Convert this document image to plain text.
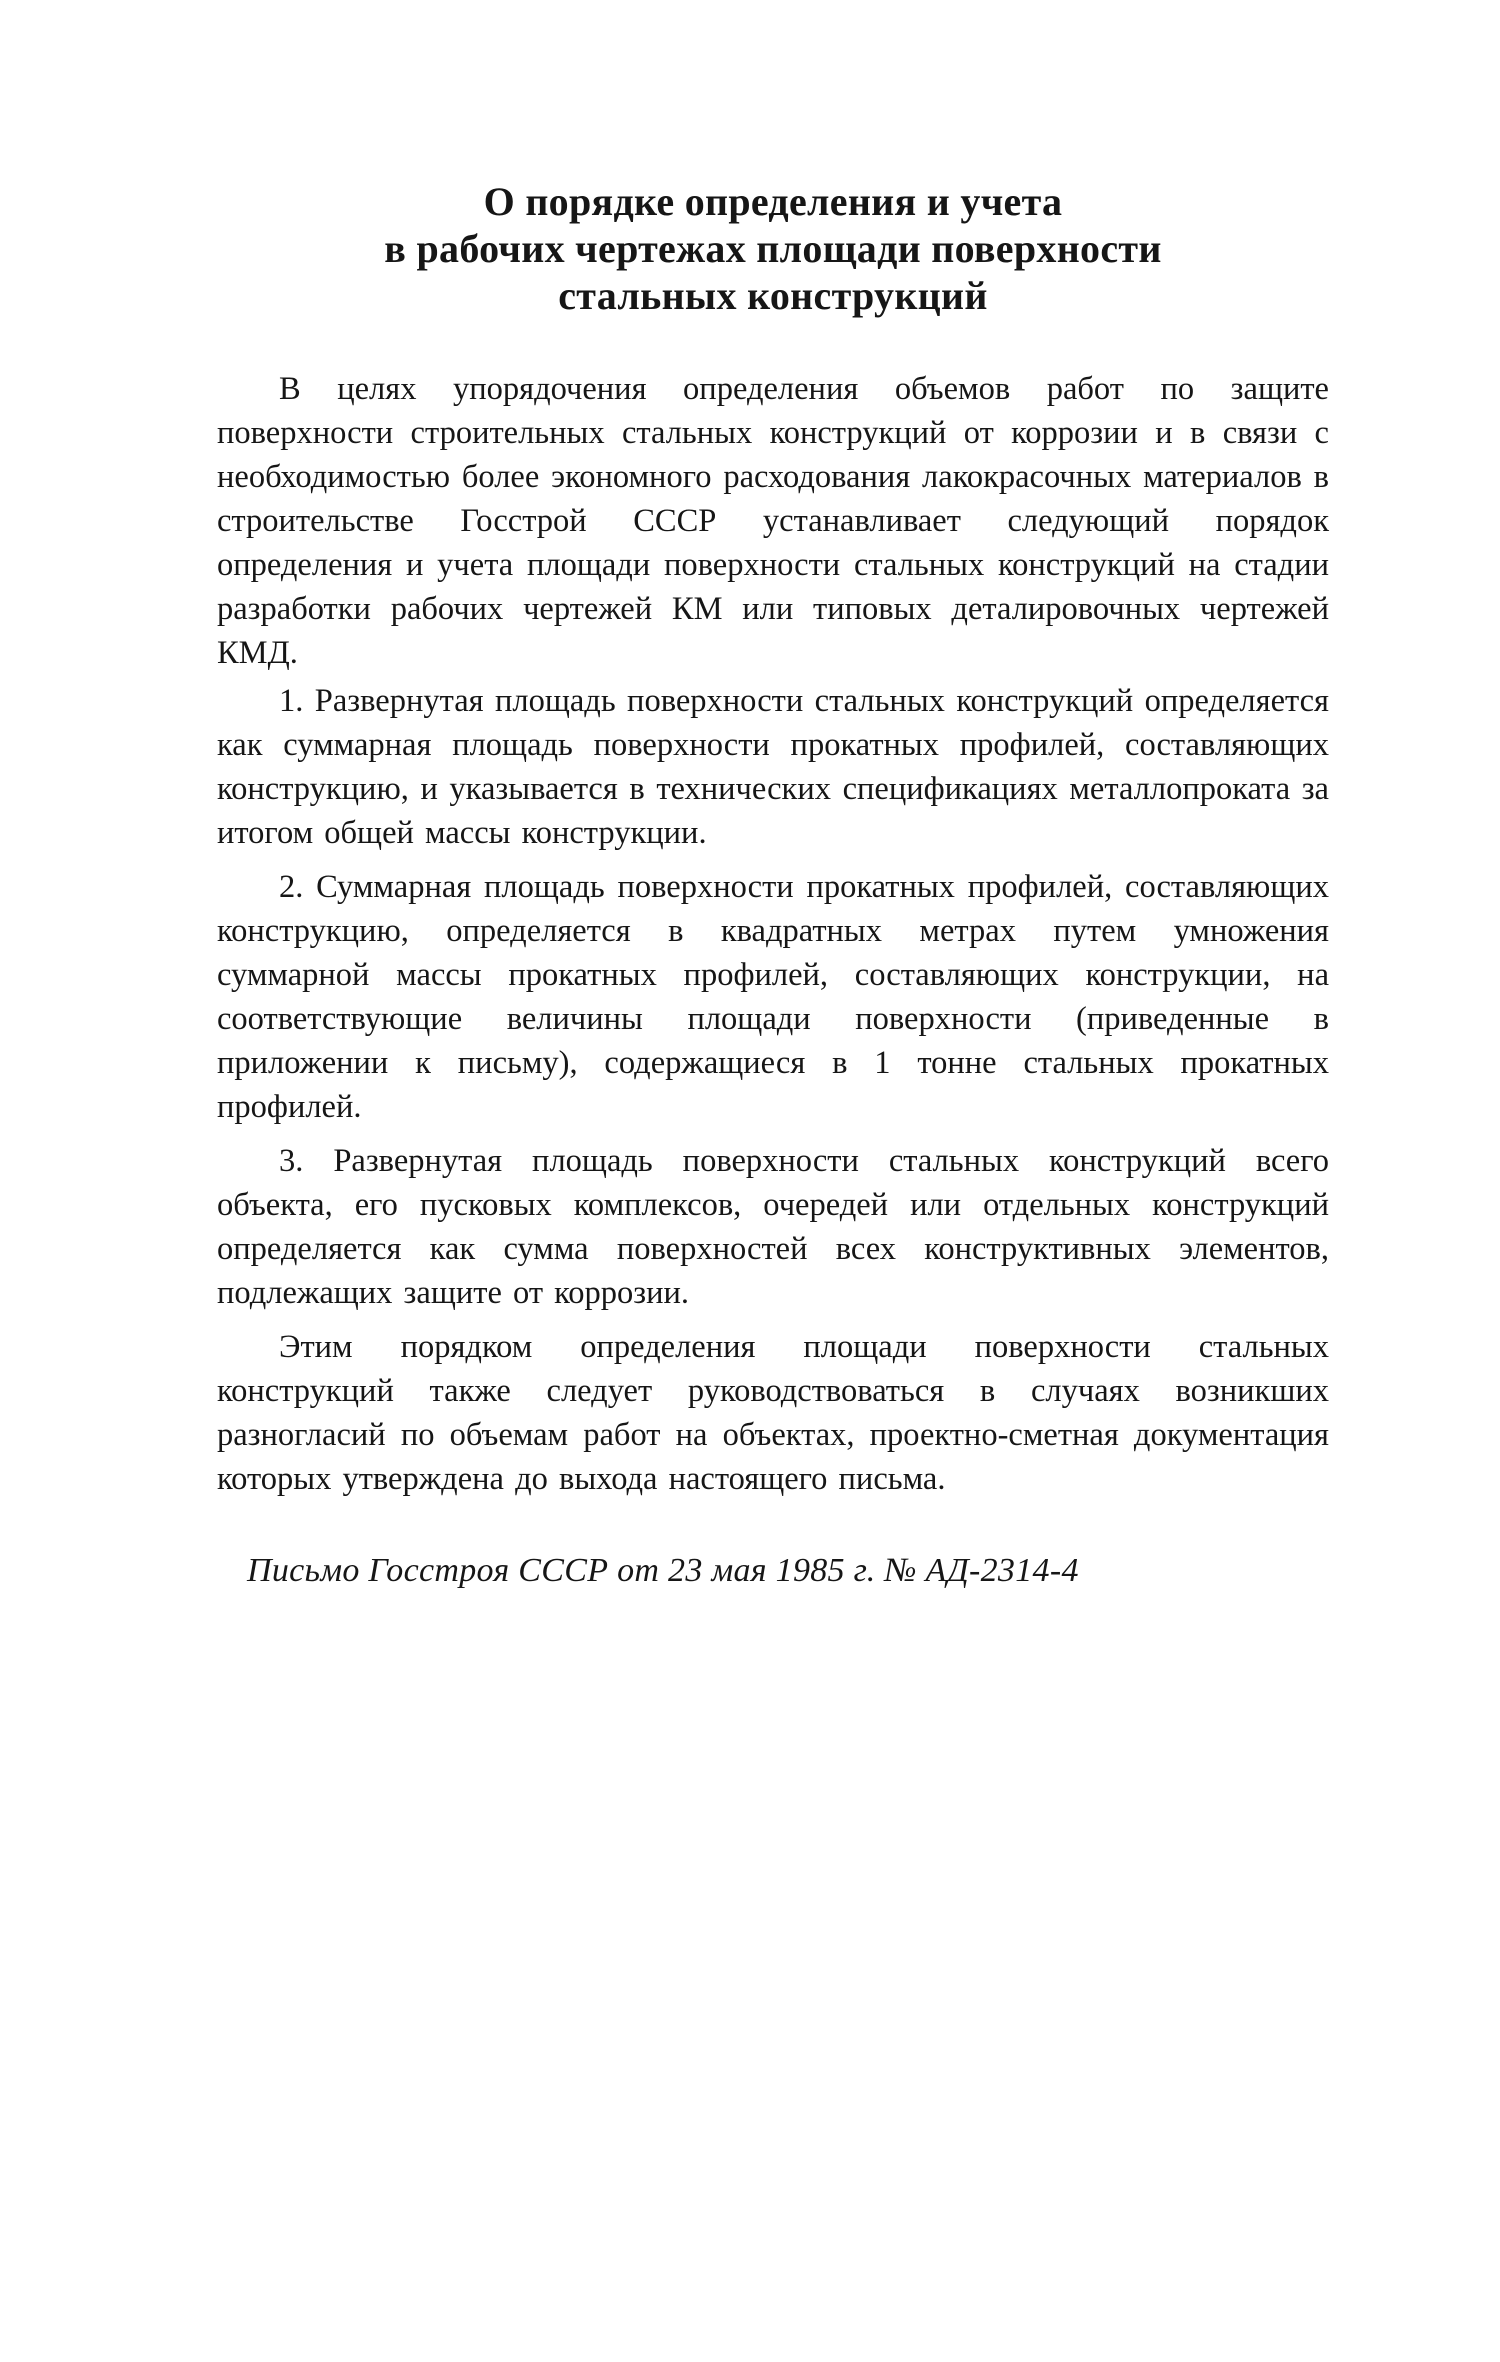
О порядке определения и учета
в рабочих чертежах площади поверхности
стальных конструкций

В целях упорядочения определения объемов работ по защите поверхности строительных стальных конструкций от коррозии и в связи с необходимостью более экономного расходования лакокрасочных материалов в строительстве Госстрой СССР устанавливает следующий порядок определения и учета площади поверхности стальных конструкций на стадии разработки рабочих чертежей КМ или типовых деталировочных чертежей КМД.

1. Развернутая площадь поверхности стальных конструкций определяется как суммарная площадь поверхности прокатных профилей, составляющих конструкцию, и указывается в технических спецификациях металлопроката за итогом общей массы конструкции.

2. Суммарная площадь поверхности прокатных профилей, составляющих конструкцию, определяется в квадратных метрах путем умножения суммарной массы прокатных профилей, составляющих конструкции, на соответствующие величины площади поверхности (приведенные в приложении к письму), содержащиеся в 1 тонне стальных прокатных профилей.

3. Развернутая площадь поверхности стальных конструкций всего объекта, его пусковых комплексов, очередей или отдельных конструкций определяется как сумма поверхностей всех конструктивных элементов, подлежащих защите от коррозии.

Этим порядком определения площади поверхности стальных конструкций также следует руководствоваться в случаях возникших разногласий по объемам работ на объектах, проектно-сметная документация которых утверждена до выхода настоящего письма.

Письмо Госстроя СССР от 23 мая 1985 г. № АД-2314-4
